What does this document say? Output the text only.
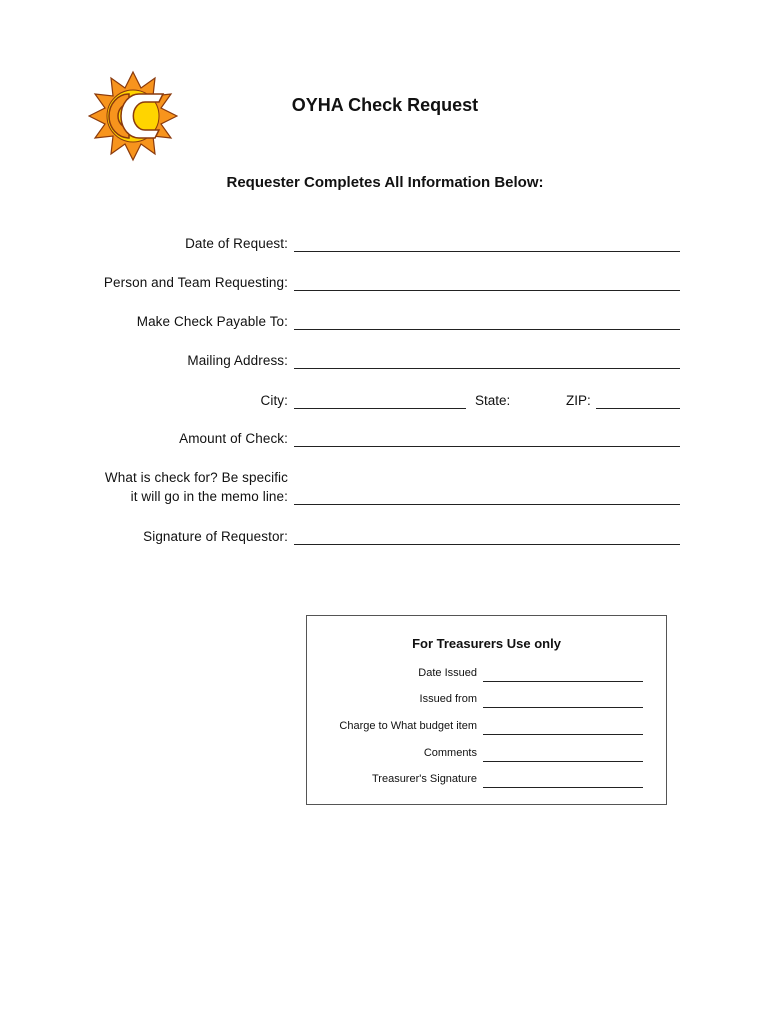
OYHA Check Request
Requester Completes All Information Below:
Date of Request:
Person and Team Requesting:
Make Check Payable To:
Mailing Address:
City:	State:	ZIP:
Amount of Check:
What is check for? Be specific
it will go in the memo line:
Signature of Requestor:
For Treasurers Use only
Date Issued
Issued from
Charge to What budget item
Comments
Treasurer's Signature
